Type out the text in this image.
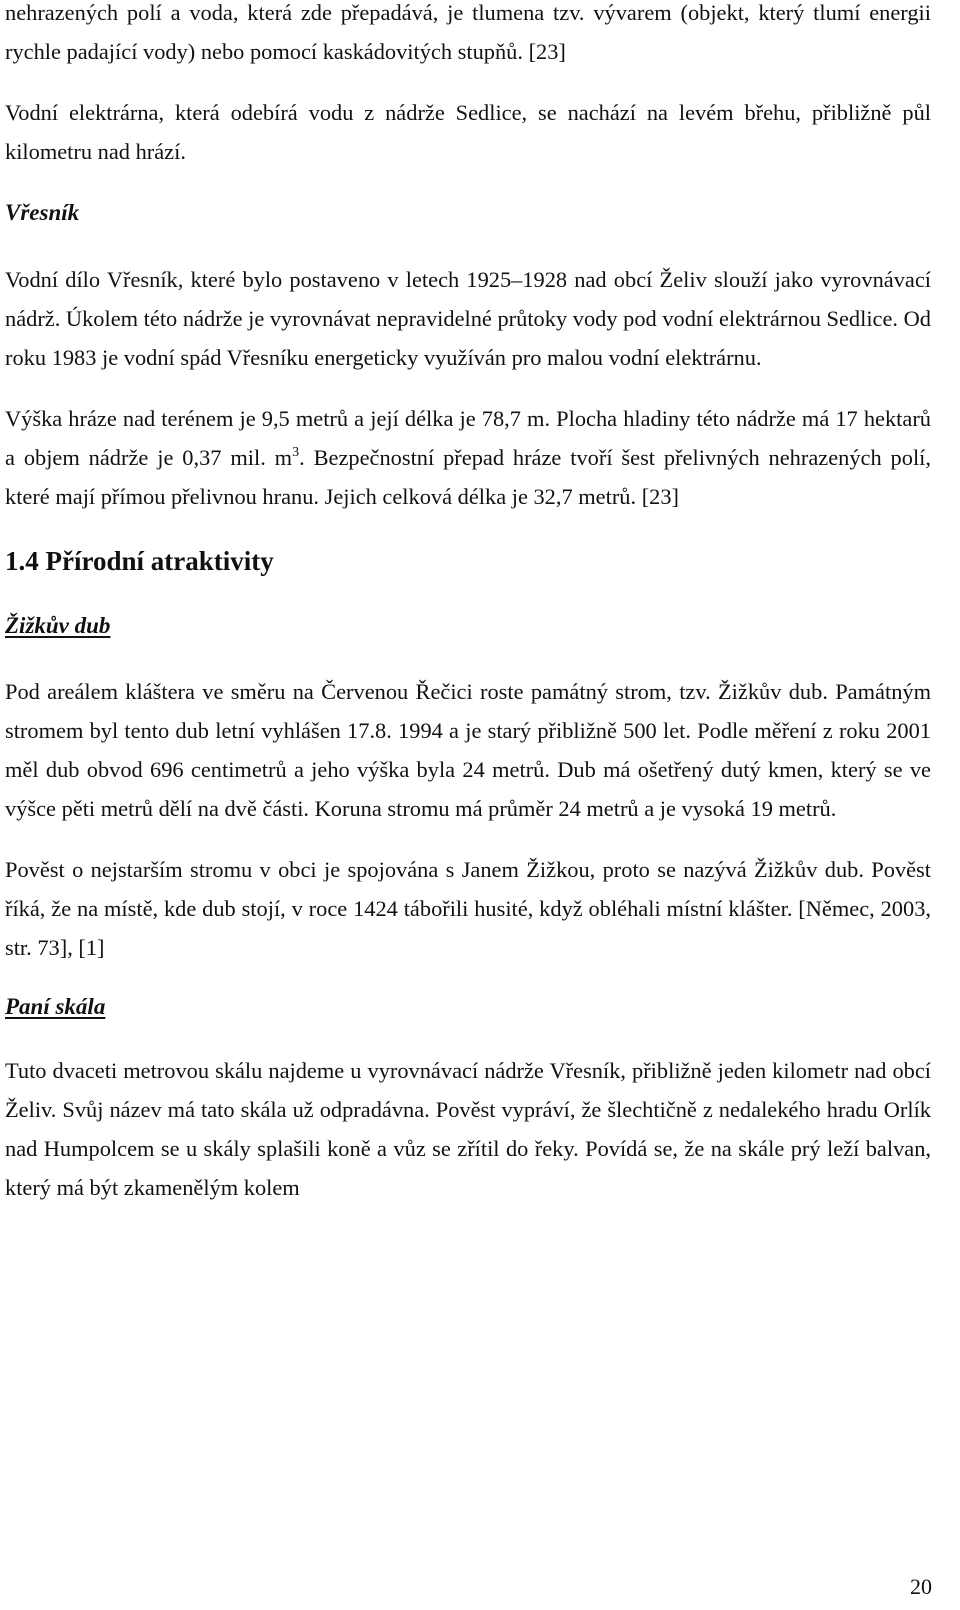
nehrazených polí a voda, která zde přepadává, je tlumena tzv. vývarem (objekt, který tlumí energii rychle padající vody) nebo pomocí kaskádovitých stupňů. [23]

Vodní elektrárna, která odebírá vodu z nádrže Sedlice, se nachází na levém břehu, přibližně půl kilometru nad hrází.

Vřesník

Vodní dílo Vřesník, které bylo postaveno v letech 1925–1928 nad obcí Želiv slouží jako vyrovnávací nádrž. Úkolem této nádrže je vyrovnávat nepravidelné průtoky vody pod vodní elektrárnou Sedlice. Od roku 1983 je vodní spád Vřesníku energeticky využíván pro malou vodní elektrárnu.

Výška hráze nad terénem je 9,5 metrů a její délka je 78,7 m. Plocha hladiny této nádrže má 17 hektarů a objem nádrže je 0,37 mil. $m^3$. Bezpečnostní přepad hráze tvoří šest přelivných nehrazených polí, které mají přímou přelivnou hranu. Jejich celková délka je 32,7 metrů. [23]

1.4 Přírodní atraktivity
Žižkův dub

Pod areálem kláštera ve směru na Červenou Řečici roste památný strom, tzv. Žižkův dub. Památným stromem byl tento dub letní vyhlášen 17.8. 1994 a je starý přibližně 500 let. Podle měření z roku 2001 měl dub obvod 696 centimetrů a jeho výška byla 24 metrů. Dub má ošetřený dutý kmen, který se ve výšce pěti metrů dělí na dvě části. Koruna stromu má průměr 24 metrů a je vysoká 19 metrů.

Pověst o nejstarším stromu v obci je spojována s Janem Žižkou, proto se nazývá Žižkův dub. Pověst říká, že na místě, kde dub stojí, v roce 1424 tábořili husité, když obléhali místní klášter. [Němec, 2003, str. 73], [1]

Paní skála

Tuto dvaceti metrovou skálu najdeme u vyrovnávací nádrže Vřesník, přibližně jeden kilometr nad obcí Želiv. Svůj název má tato skála už odpradávna. Pověst vypráví, že šlechtičně z nedalekého hradu Orlík nad Humpolcem se u skály splašili koně a vůz se zřítil do řeky. Povídá se, že na skále prý leží balvan, který má být zkamenělým kolem

20
